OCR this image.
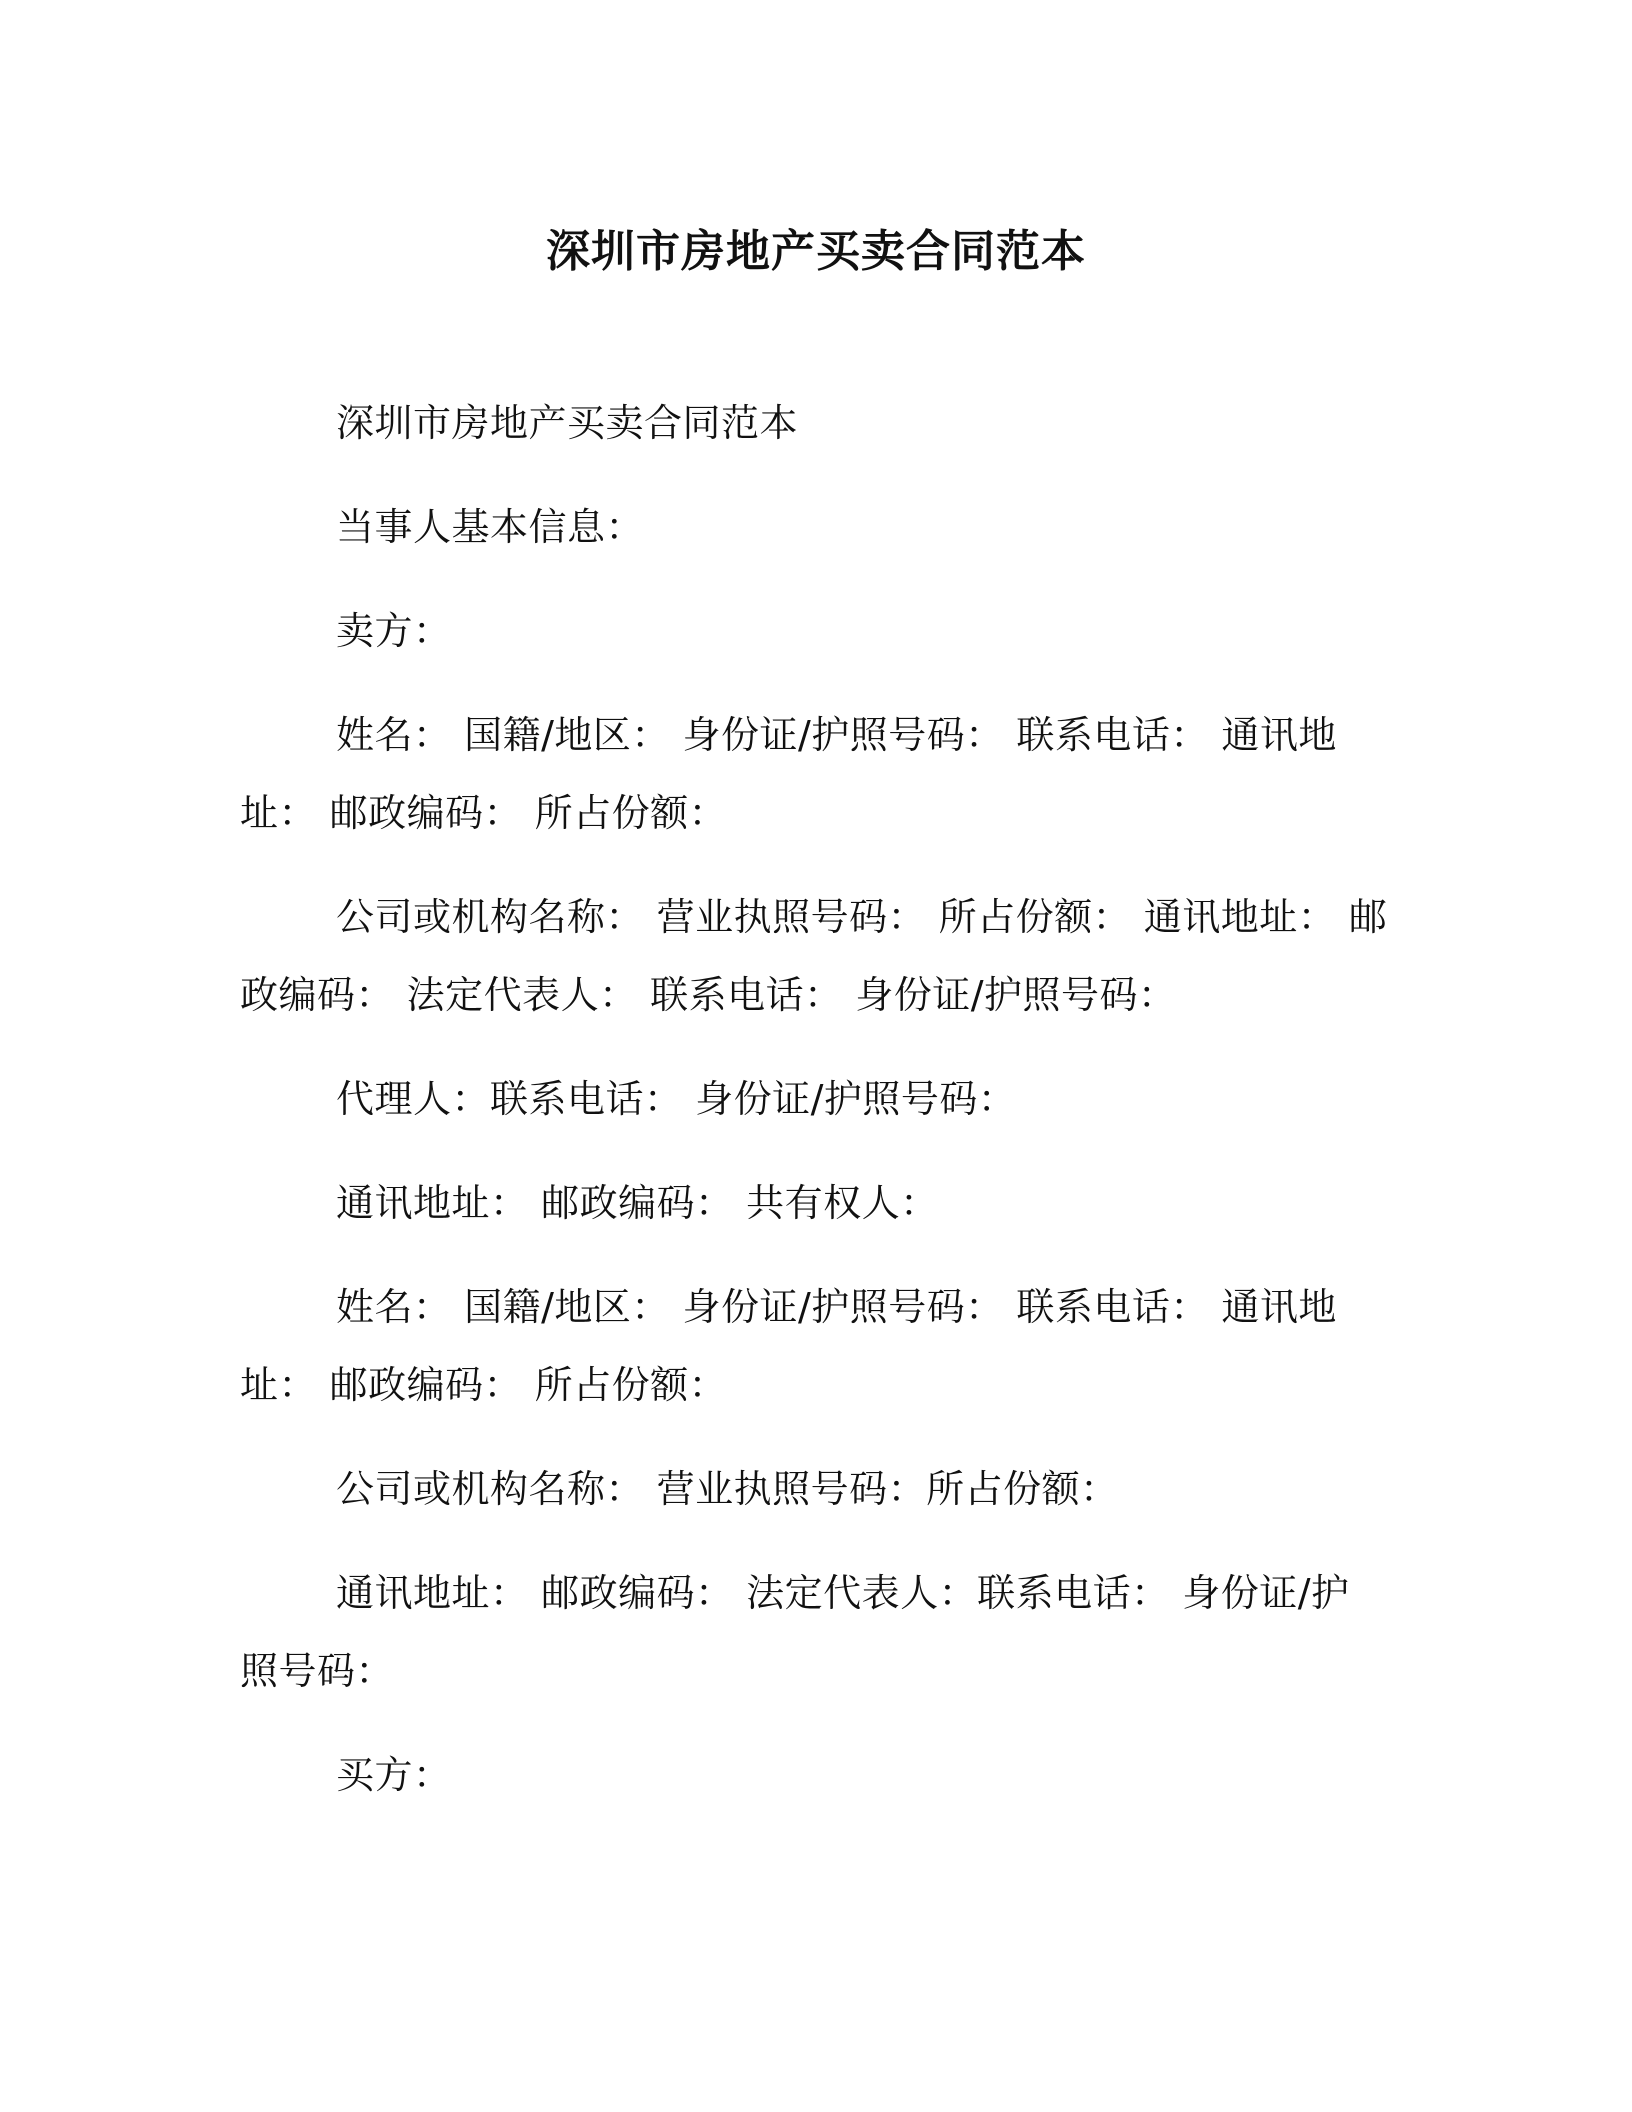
深圳市房地产买卖合同范本

深圳市房地产买卖合同范本

当事人基本信息：

卖方：

姓名： 国籍/地区： 身份证/护照号码： 联系电话： 通讯地址： 邮政编码： 所占份额：

公司或机构名称： 营业执照号码： 所占份额： 通讯地址： 邮政编码： 法定代表人： 联系电话： 身份证/护照号码：

代理人：联系电话： 身份证/护照号码：

通讯地址： 邮政编码： 共有权人：

姓名： 国籍/地区： 身份证/护照号码： 联系电话： 通讯地址： 邮政编码： 所占份额：

公司或机构名称： 营业执照号码：所占份额：

通讯地址： 邮政编码： 法定代表人：联系电话： 身份证/护照号码：

买方：
